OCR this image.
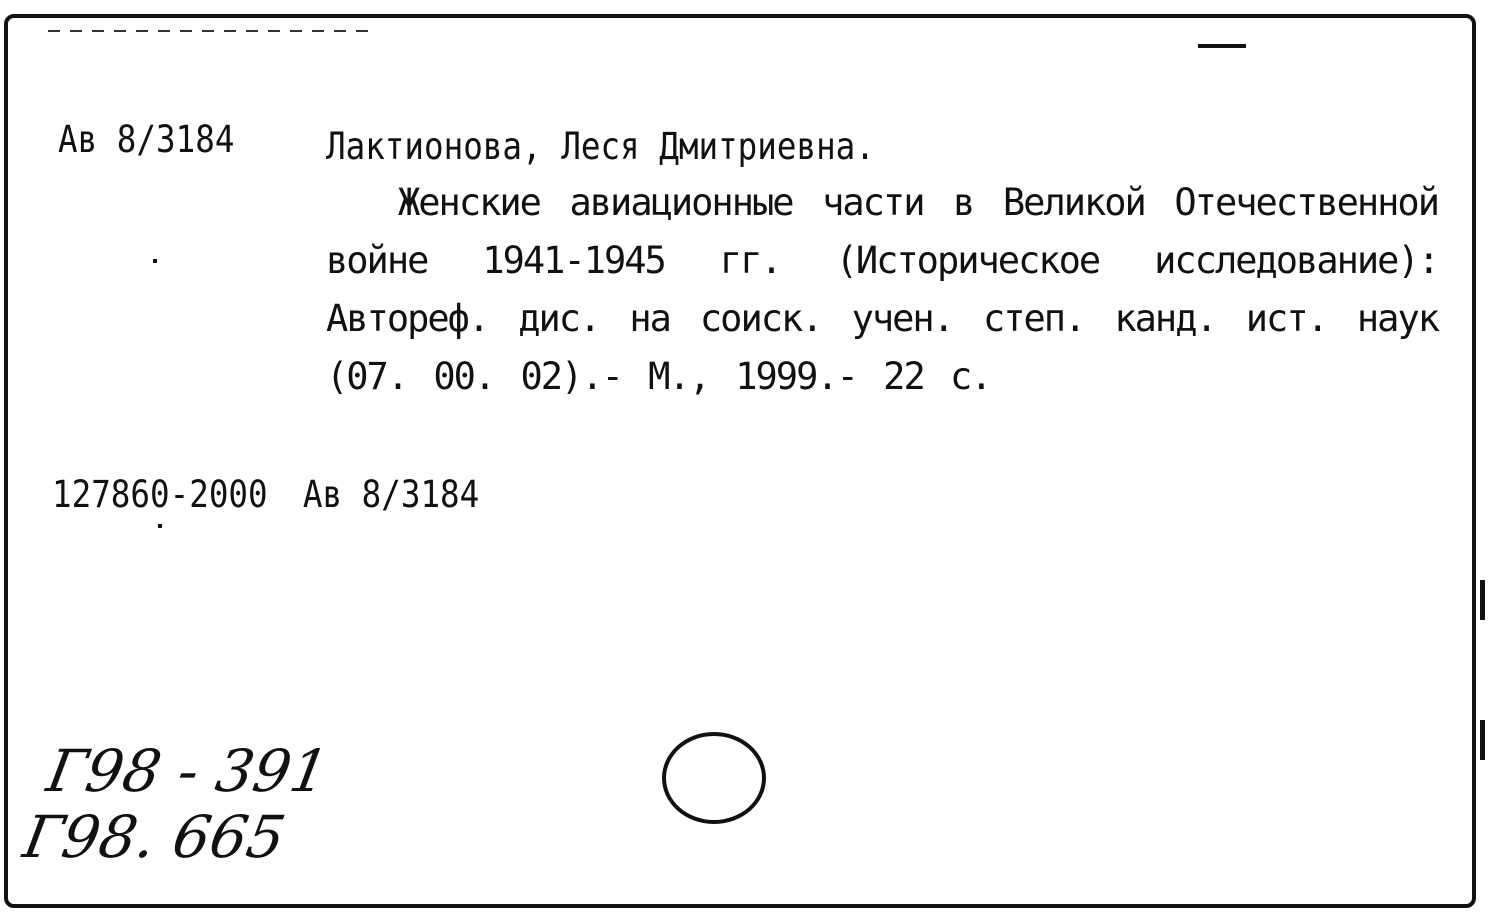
Ав 8/3184 Лактионова, Леся Дмитриевна.
Женские авиационные части в Великой Отечественной войне 1941-1945 гг. (Историческое исследование): Автореф. дис. на соиск. учен. степ. канд. ист. наук (07. 00. 02).- М., 1999.- 22 с.
127860-2000 Ав 8/3184
Г98 - 391
Г98. 665
